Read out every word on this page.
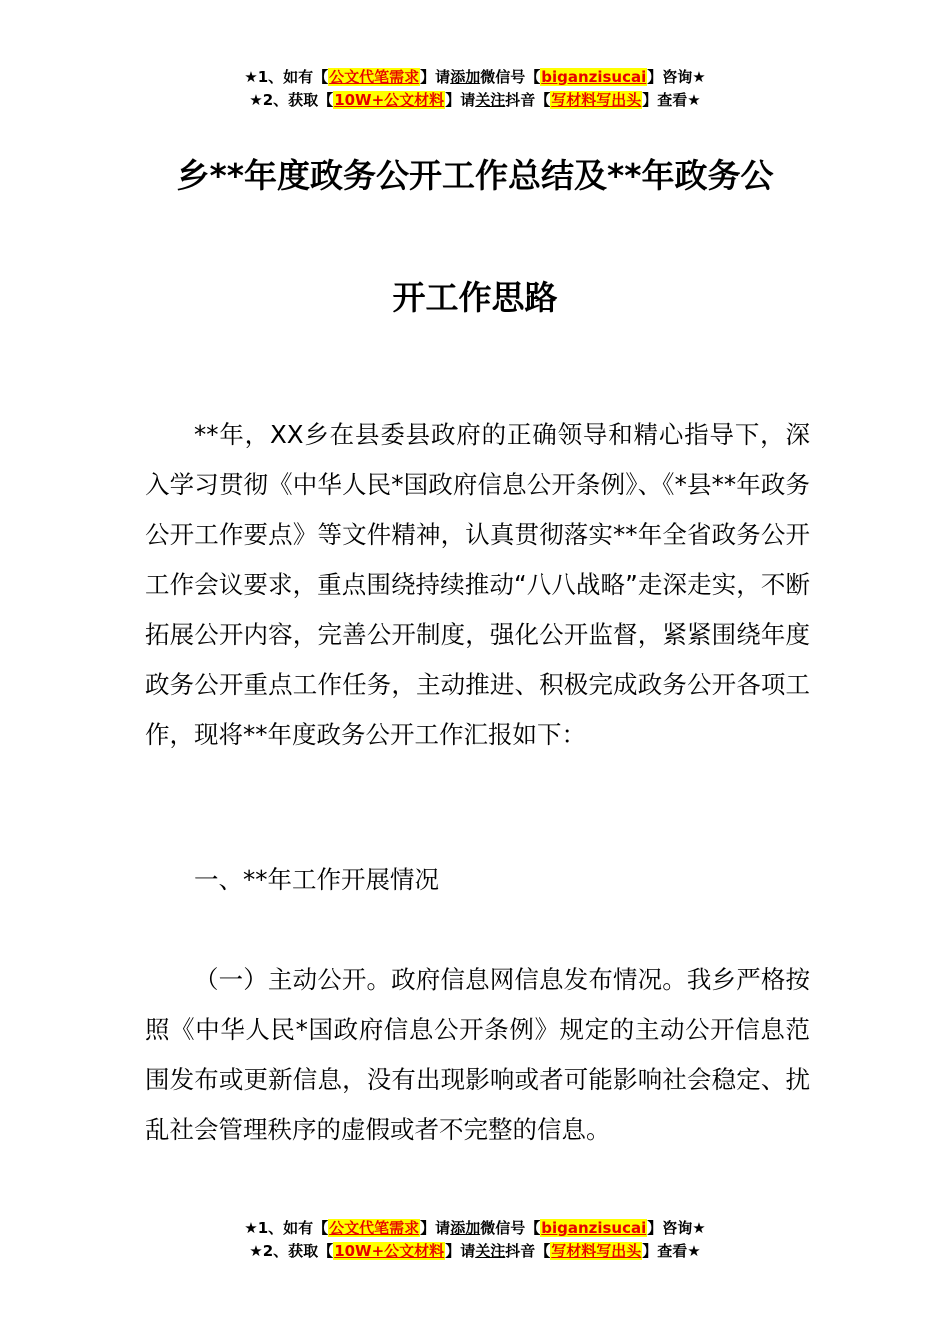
★1、如有【公文代笔需求】请添加微信号【biganzisucai】咨询★
★2、获取【10W+公文材料】请关注抖音【写材料写出头】查看★
乡**年度政务公开工作总结及**年政务公
开工作思路

**年，XX乡在县委县政府的正确领导和精心指导下，深入学习贯彻《中华人民*国政府信息公开条例》、《*县**年政务公开工作要点》等文件精神，认真贯彻落实**年全省政务公开工作会议要求，重点围绕持续推动“八八战略”走深走实，不断拓展公开内容，完善公开制度，强化公开监督，紧紧围绕年度政务公开重点工作任务，主动推进、积极完成政务公开各项工作，现将**年度政务公开工作汇报如下：

一、**年工作开展情况

（一）主动公开。政府信息网信息发布情况。我乡严格按照《中华人民*国政府信息公开条例》规定的主动公开信息范围发布或更新信息，没有出现影响或者可能影响社会稳定、扰乱社会管理秩序的虚假或者不完整的信息。

★1、如有【公文代笔需求】请添加微信号【biganzisucai】咨询★
★2、获取【10W+公文材料】请关注抖音【写材料写出头】查看★
